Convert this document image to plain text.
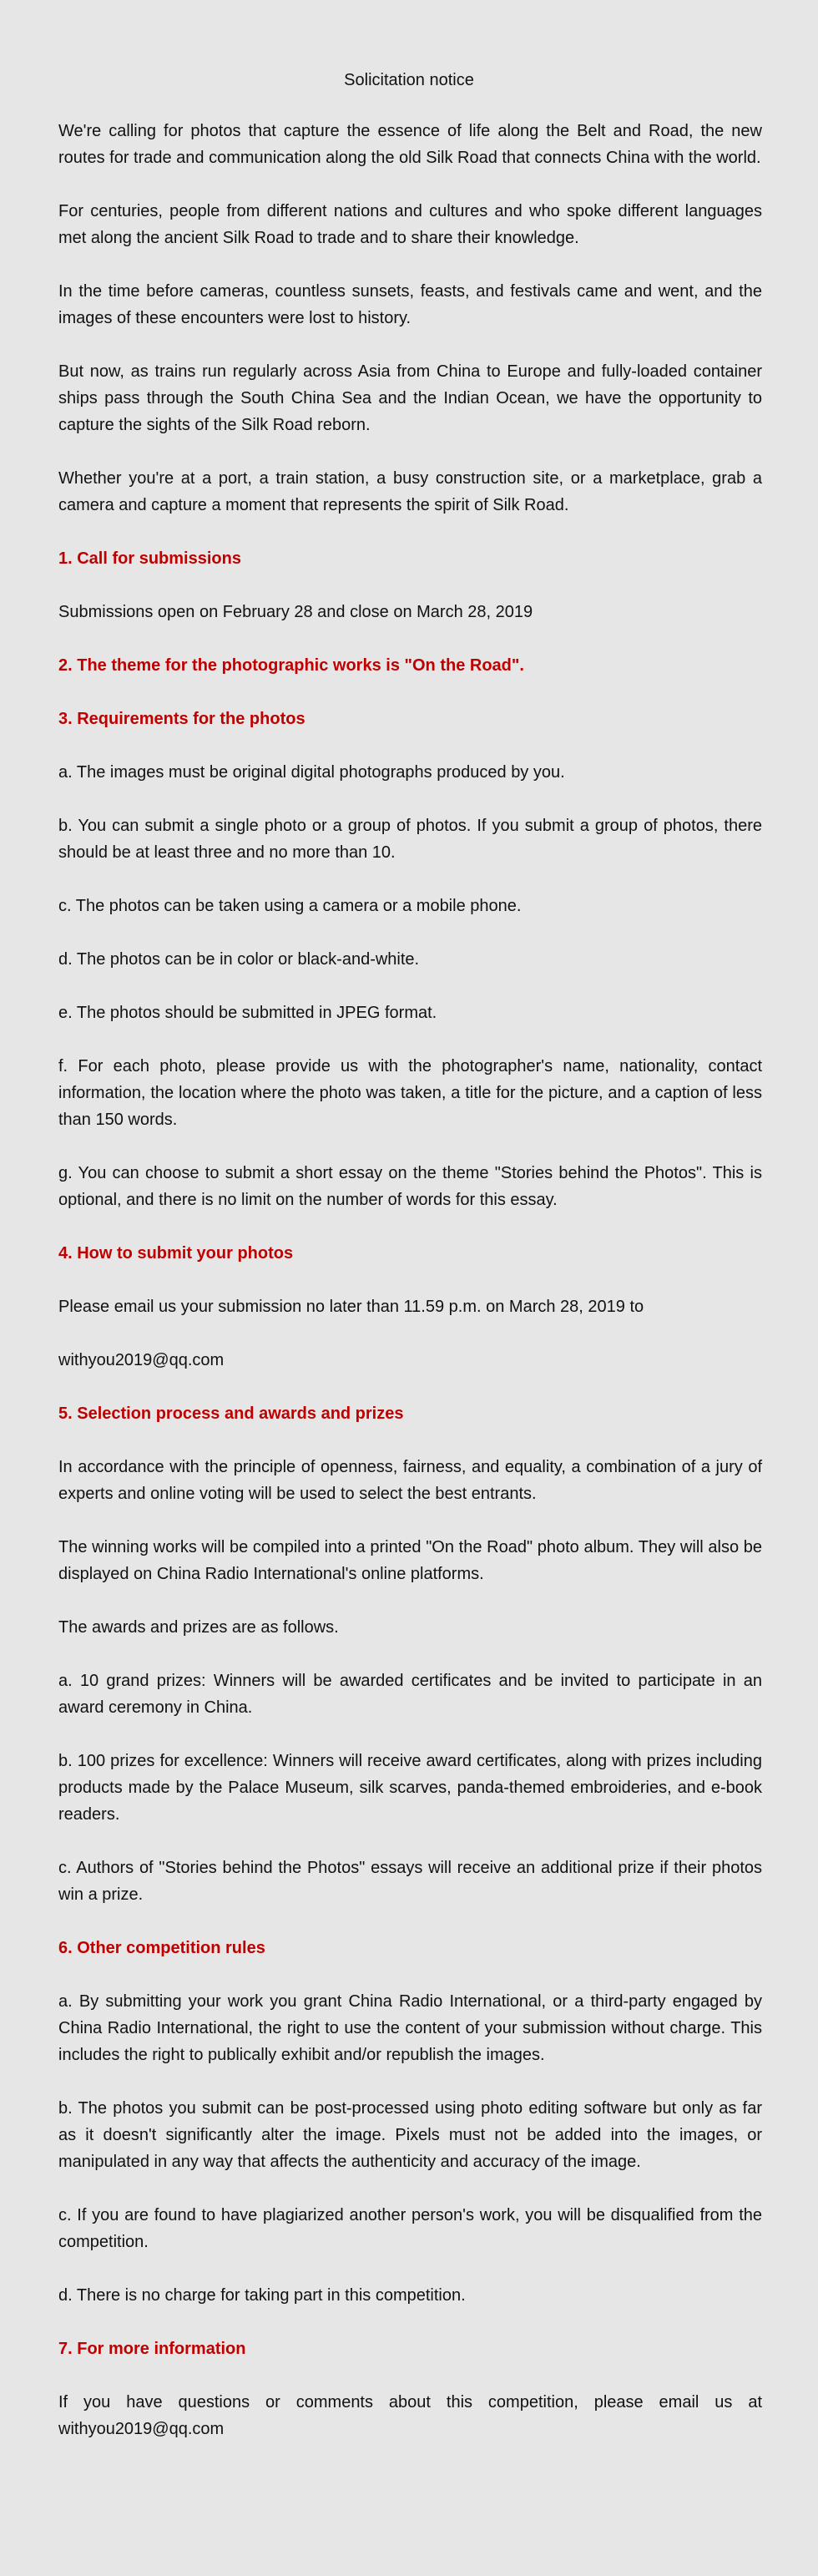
Solicitation notice

We're calling for photos that capture the essence of life along the Belt and Road, the new routes for trade and communication along the old Silk Road that connects China with the world.

For centuries, people from different nations and cultures and who spoke different languages met along the ancient Silk Road to trade and to share their knowledge.

In the time before cameras, countless sunsets, feasts, and festivals came and went, and the images of these encounters were lost to history.

But now, as trains run regularly across Asia from China to Europe and fully-loaded container ships pass through the South China Sea and the Indian Ocean, we have the opportunity to capture the sights of the Silk Road reborn.

Whether you're at a port, a train station, a busy construction site, or a marketplace, grab a camera and capture a moment that represents the spirit of Silk Road.

1. Call for submissions

Submissions open on February 28 and close on March 28, 2019

2. The theme for the photographic works is "On the Road".
3. Requirements for the photos

a. The images must be original digital photographs produced by you.

b. You can submit a single photo or a group of photos. If you submit a group of photos, there should be at least three and no more than 10.

c. The photos can be taken using a camera or a mobile phone.

d. The photos can be in color or black-and-white.

e. The photos should be submitted in JPEG format.

f. For each photo, please provide us with the photographer's name, nationality, contact information, the location where the photo was taken, a title for the picture, and a caption of less than 150 words.

g. You can choose to submit a short essay on the theme "Stories behind the Photos". This is optional, and there is no limit on the number of words for this essay.

4. How to submit your photos

Please email us your submission no later than 11.59 p.m. on March 28, 2019 to

withyou2019@qq.com

5. Selection process and awards and prizes

In accordance with the principle of openness, fairness, and equality, a combination of a jury of experts and online voting will be used to select the best entrants.

The winning works will be compiled into a printed "On the Road" photo album. They will also be displayed on China Radio International's online platforms.

The awards and prizes are as follows.

a. 10 grand prizes: Winners will be awarded certificates and be invited to participate in an award ceremony in China.

b. 100 prizes for excellence: Winners will receive award certificates, along with prizes including products made by the Palace Museum, silk scarves, panda-themed embroideries, and e-book readers.

c. Authors of "Stories behind the Photos" essays will receive an additional prize if their photos win a prize.

6. Other competition rules

a. By submitting your work you grant China Radio International, or a third-party engaged by China Radio International, the right to use the content of your submission without charge. This includes the right to publically exhibit and/or republish the images.

b. The photos you submit can be post-processed using photo editing software but only as far as it doesn't significantly alter the image. Pixels must not be added into the images, or manipulated in any way that affects the authenticity and accuracy of the image.

c. If you are found to have plagiarized another person's work, you will be disqualified from the competition.

d. There is no charge for taking part in this competition.

7. For more information

If you have questions or comments about this competition, please email us at withyou2019@qq.com
